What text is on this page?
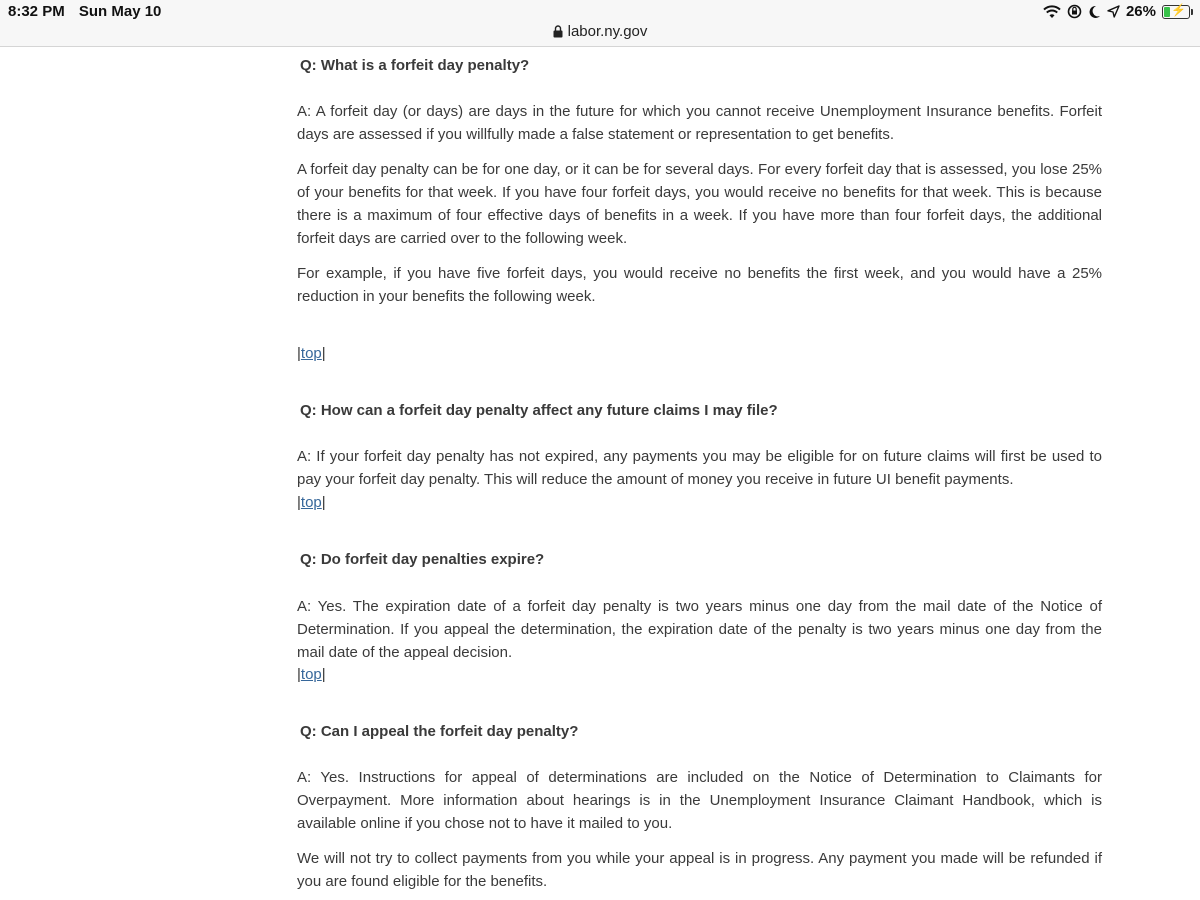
8:32 PM Sun May 10	26% ⚡
labor.ny.gov

Q: What is a forfeit day penalty?

A: A forfeit day (or days) are days in the future for which you cannot receive Unemployment Insurance benefits. Forfeit days are assessed if you willfully made a false statement or representation to get benefits.

A forfeit day penalty can be for one day, or it can be for several days. For every forfeit day that is assessed, you lose 25% of your benefits for that week. If you have four forfeit days, you would receive no benefits for that week. This is because there is a maximum of four effective days of benefits in a week. If you have more than four forfeit days, the additional forfeit days are carried over to the following week.

For example, if you have five forfeit days, you would receive no benefits the first week, and you would have a 25% reduction in your benefits the following week.

|top|

Q: How can a forfeit day penalty affect any future claims I may file?

A: If your forfeit day penalty has not expired, any payments you may be eligible for on future claims will first be used to pay your forfeit day penalty. This will reduce the amount of money you receive in future UI benefit payments.

|top|

Q: Do forfeit day penalties expire?

A: Yes. The expiration date of a forfeit day penalty is two years minus one day from the mail date of the Notice of Determination. If you appeal the determination, the expiration date of the penalty is two years minus one day from the mail date of the appeal decision.

|top|

Q: Can I appeal the forfeit day penalty?

A: Yes. Instructions for appeal of determinations are included on the Notice of Determination to Claimants for Overpayment. More information about hearings is in the Unemployment Insurance Claimant Handbook, which is available online if you chose not to have it mailed to you.

We will not try to collect payments from you while your appeal is in progress. Any payment you made will be refunded if you are found eligible for the benefits.
